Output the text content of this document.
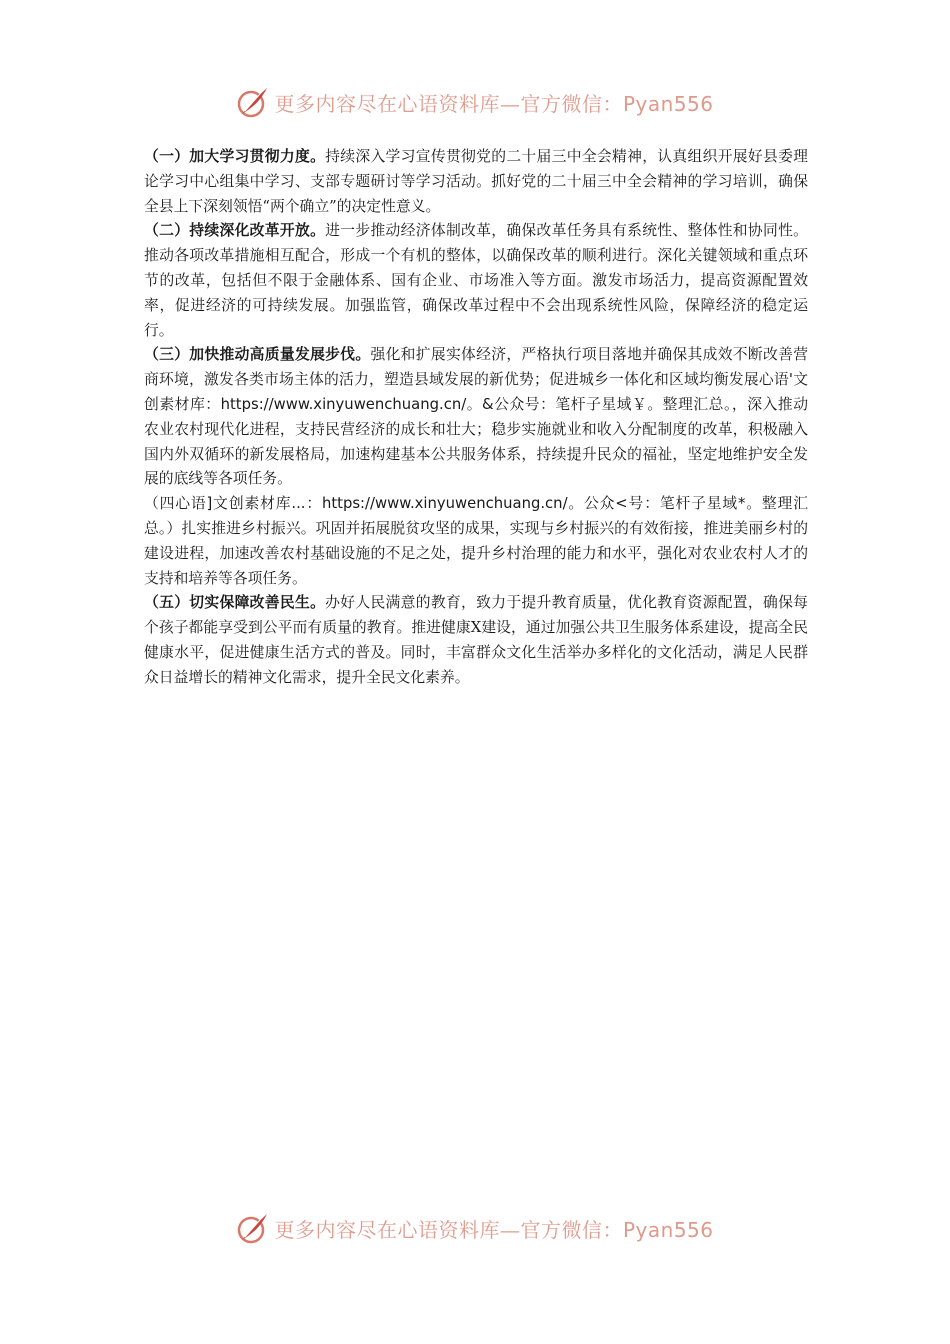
更多内容尽在心语资料库—官方微信：Pyan556

（一）加大学习贯彻力度。持续深入学习宣传贯彻党的二十届三中全会精神，认真组织开展好县委理论学习中心组集中学习、支部专题研讨等学习活动。抓好党的二十届三中全会精神的学习培训，确保全县上下深刻领悟“两个确立”的决定性意义。

（二）持续深化改革开放。进一步推动经济体制改革，确保改革任务具有系统性、整体性和协同性。推动各项改革措施相互配合，形成一个有机的整体，以确保改革的顺利进行。深化关键领域和重点环节的改革，包括但不限于金融体系、国有企业、市场准入等方面。激发市场活力，提高资源配置效率，促进经济的可持续发展。加强监管，确保改革过程中不会出现系统性风险，保障经济的稳定运行。

（三）加快推动高质量发展步伐。强化和扩展实体经济，严格执行项目落地并确保其成效不断改善营商环境，激发各类市场主体的活力，塑造县域发展的新优势；促进城乡一体化和区域均衡发展心语'文创素材库：https://www.xinyuwenchuang.cn/。&公众号：笔杆子星域￥。整理汇总。，深入推动农业农村现代化进程，支持民营经济的成长和壮大；稳步实施就业和收入分配制度的改革，积极融入国内外双循环的新发展格局，加速构建基本公共服务体系，持续提升民众的福祉，坚定地维护安全发展的底线等各项任务。

（四心语]文创素材库...：https://www.xinyuwenchuang.cn/。公众<号：笔杆子星域*。整理汇总。）扎实推进乡村振兴。巩固并拓展脱贫攻坚的成果，实现与乡村振兴的有效衔接，推进美丽乡村的建设进程，加速改善农村基础设施的不足之处，提升乡村治理的能力和水平，强化对农业农村人才的支持和培养等各项任务。

（五）切实保障改善民生。办好人民满意的教育，致力于提升教育质量，优化教育资源配置，确保每个孩子都能享受到公平而有质量的教育。推进健康X建设，通过加强公共卫生服务体系建设，提高全民健康水平，促进健康生活方式的普及。同时，丰富群众文化生活举办多样化的文化活动，满足人民群众日益增长的精神文化需求，提升全民文化素养。

更多内容尽在心语资料库—官方微信：Pyan556
